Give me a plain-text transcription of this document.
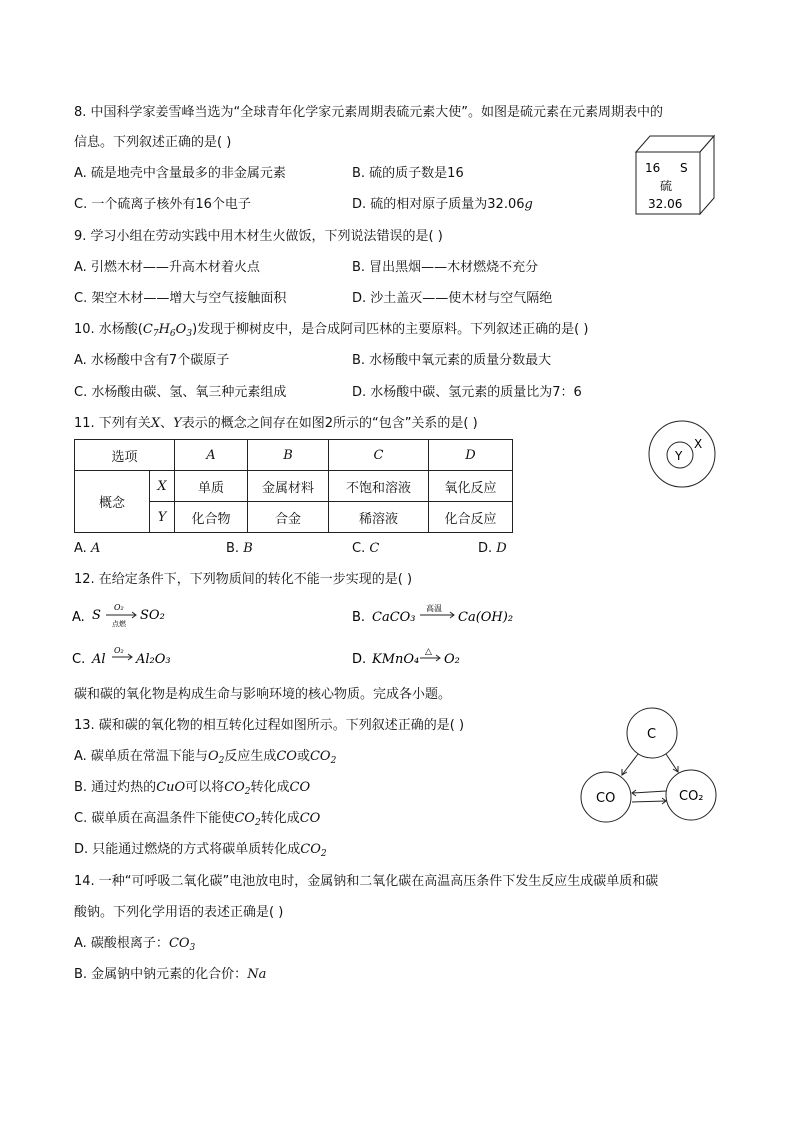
8. 中国科学家姜雪峰当选为“全球青年化学家元素周期表硫元素大使”。如图是硫元素在元素周期表中的
信息。下列叙述正确的是( )
A. 硫是地壳中含量最多的非金属元素	B. 硫的质子数是16
C. 一个硫离子核外有16个电子	D. 硫的相对原子质量为32.06g
16 S
硫
32.06
9. 学习小组在劳动实践中用木材生火做饭，下列说法错误的是( )
A. 引燃木材——升高木材着火点	B. 冒出黑烟——木材燃烧不充分
C. 架空木材——增大与空气接触面积	D. 沙土盖灭——使木材与空气隔绝
10. 水杨酸$(C_7H_6O_3)$发现于柳树皮中，是合成阿司匹林的主要原料。下列叙述正确的是( )
A. 水杨酸中含有7个碳原子	B. 水杨酸中氧元素的质量分数最大
C. 水杨酸由碳、氢、氧三种元素组成	D. 水杨酸中碳、氢元素的质量比为7：6
11. 下列有关X、Y表示的概念之间存在如图2所示的“包含”关系的是( )
Y
X
选项		A	B	C	D
概念	X	单质	金属材料	不饱和溶液	氧化反应
	Y	化合物	合金	稀溶液	化合反应
A. A	B. B	C. C	D. D
12. 在给定条件下，下列物质间的转化不能一步实现的是( )
A. S
O₂
点燃
SO₂	B. CaCO₃
高温
Ca(OH)₂
C. Al
O₂
Al₂O₃	D. KMnO₄ △ O₂
碳和碳的氧化物是构成生命与影响环境的核心物质。完成各小题。
13. 碳和碳的氧化物的相互转化过程如图所示。下列叙述正确的是( )
A. 碳单质在常温下能与$O_2$反应生成CO或$CO_2$
B. 通过灼热的CuO可以将$CO_2$转化成CO
C. 碳单质在高温条件下能使$CO_2$转化成CO
D. 只能通过燃烧的方式将碳单质转化成$CO_2$
C
CO	CO₂
14. 一种“可呼吸二氧化碳”电池放电时，金属钠和二氧化碳在高温高压条件下发生反应生成碳单质和碳
酸钠。下列化学用语的表述正确是( )
A. 碳酸根离子：$CO_3$
B. 金属钠中钠元素的化合价：Na
